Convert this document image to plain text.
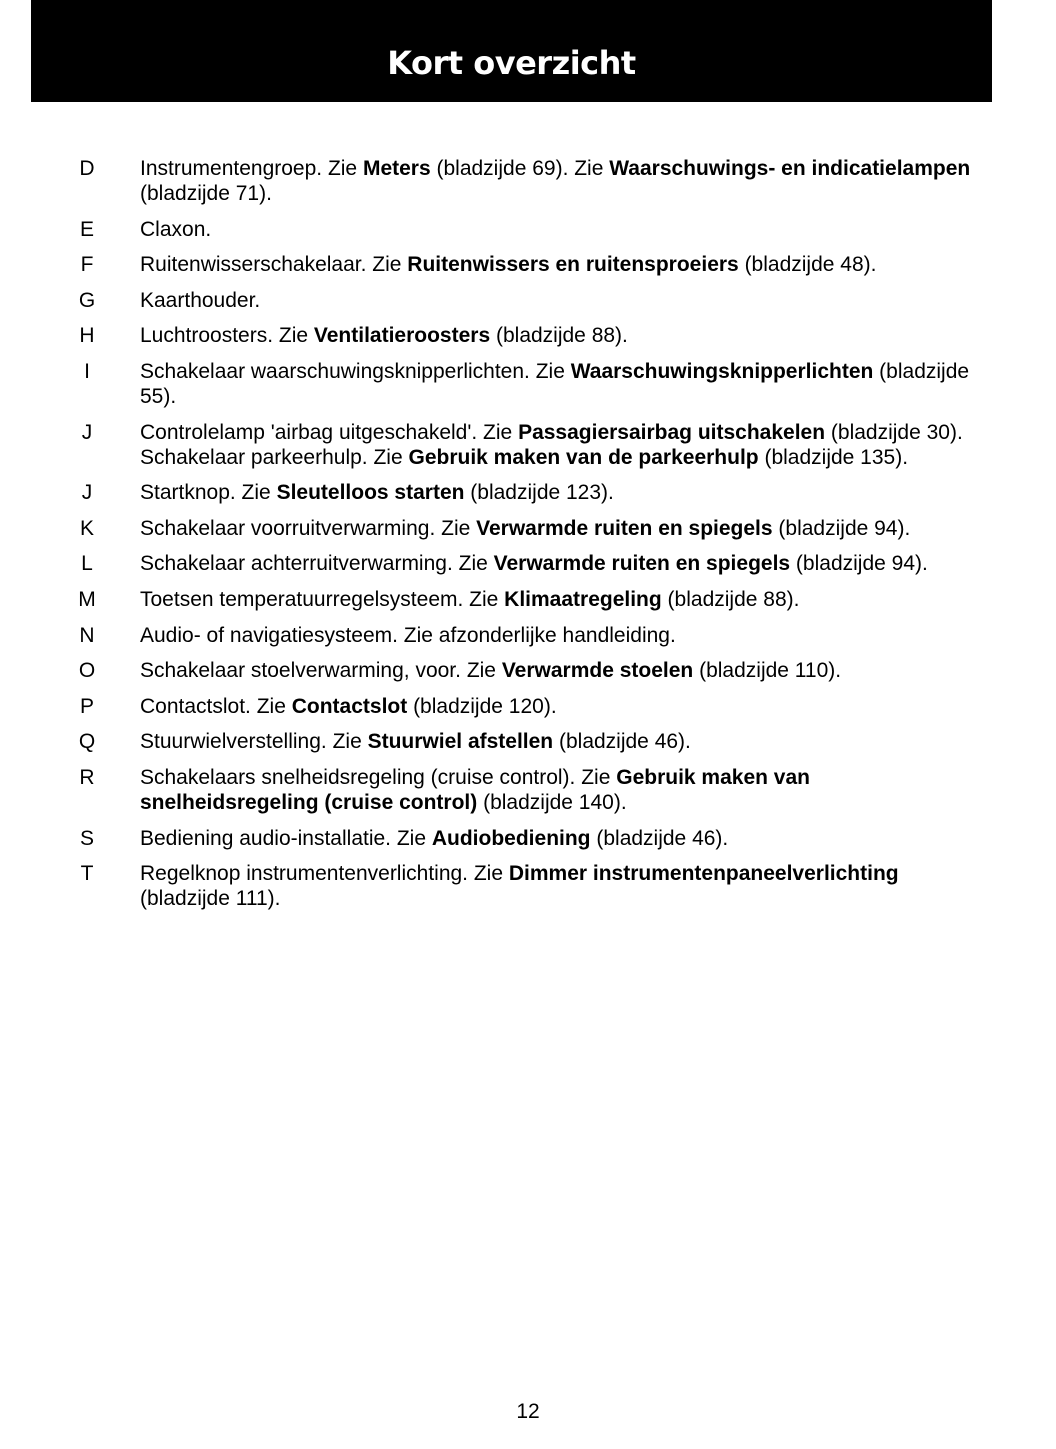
Kort overzicht
D	Instrumentengroep. Zie Meters (bladzijde 69). Zie Waarschuwings- en indicatielampen (bladzijde 71).
E	Claxon.
F	Ruitenwisserschakelaar. Zie Ruitenwissers en ruitensproeiers (bladzijde 48).
G	Kaarthouder.
H	Luchtroosters. Zie Ventilatieroosters (bladzijde 88).
I	Schakelaar waarschuwingsknipperlichten. Zie Waarschuwingsknipperlichten (bladzijde 55).
J	Controlelamp 'airbag uitgeschakeld'. Zie Passagiersairbag uitschakelen (bladzijde 30). Schakelaar parkeerhulp. Zie Gebruik maken van de parkeerhulp (bladzijde 135).
J	Startknop. Zie Sleutelloos starten (bladzijde 123).
K	Schakelaar voorruitverwarming. Zie Verwarmde ruiten en spiegels (bladzijde 94).
L	Schakelaar achterruitverwarming. Zie Verwarmde ruiten en spiegels (bladzijde 94).
M	Toetsen temperatuurregelsysteem. Zie Klimaatregeling (bladzijde 88).
N	Audio- of navigatiesysteem. Zie afzonderlijke handleiding.
O	Schakelaar stoelverwarming, voor. Zie Verwarmde stoelen (bladzijde 110).
P	Contactslot. Zie Contactslot (bladzijde 120).
Q	Stuurwielverstelling. Zie Stuurwiel afstellen (bladzijde 46).
R	Schakelaars snelheidsregeling (cruise control). Zie Gebruik maken van snelheidsregeling (cruise control) (bladzijde 140).
S	Bediening audio-installatie. Zie Audiobediening (bladzijde 46).
T	Regelknop instrumentenverlichting. Zie Dimmer instrumentenpaneelverlichting (bladzijde 111).
12
